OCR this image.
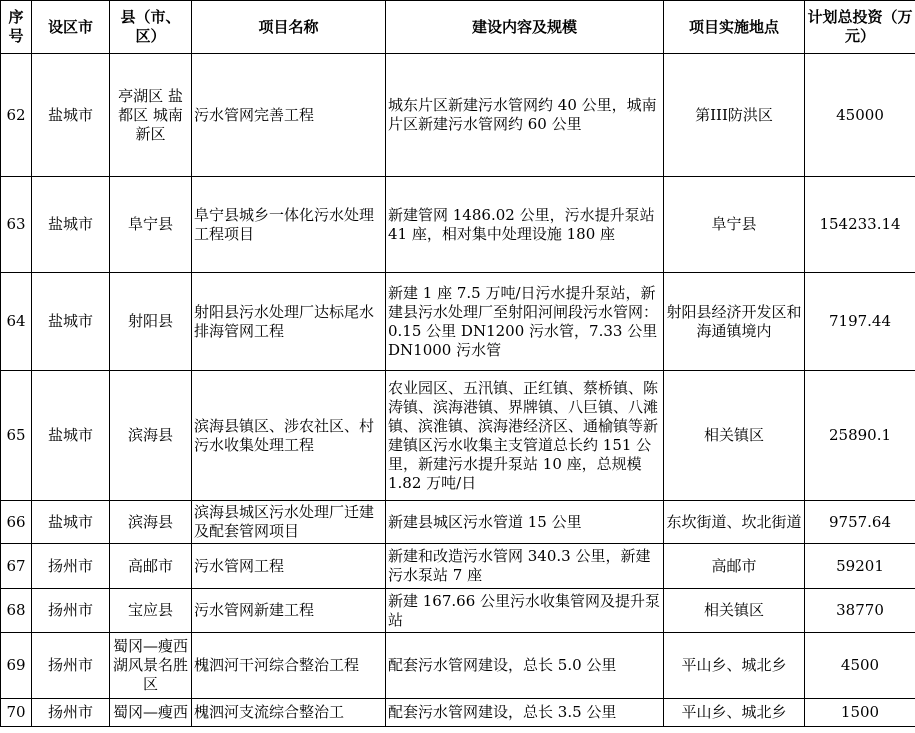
序号	设区市	县（市、区）	项目名称	建设内容及规模	项目实施地点	计划总投资（万元）
62	盐城市	亭湖区 盐都区 城南新区	污水管网完善工程	城东片区新建污水管网约 40 公里，城南片区新建污水管网约 60 公里	第III防洪区	45000
63	盐城市	阜宁县	阜宁县城乡一体化污水处理工程项目	新建管网 1486.02 公里，污水提升泵站 41 座，相对集中处理设施 180 座	阜宁县	154233.14
64	盐城市	射阳县	射阳县污水处理厂达标尾水排海管网工程	新建 1 座 7.5 万吨/日污水提升泵站，新建县污水处理厂至射阳河闸段污水管网：0.15 公里 DN1200 污水管，7.33 公里 DN1000 污水管	射阳县经济开发区和海通镇境内	7197.44
65	盐城市	滨海县	滨海县镇区、涉农社区、村污水收集处理工程	农业园区、五汛镇、正红镇、蔡桥镇、陈涛镇、滨海港镇、界牌镇、八巨镇、八滩镇、滨淮镇、滨海港经济区、通榆镇等新建镇区污水收集主支管道总长约 151 公里，新建污水提升泵站 10 座，总规模 1.82 万吨/日	相关镇区	25890.1
66	盐城市	滨海县	滨海县城区污水处理厂迁建及配套管网项目	新建县城区污水管道 15 公里	东坎街道、坎北街道	9757.64
67	扬州市	高邮市	污水管网工程	新建和改造污水管网 340.3 公里，新建污水泵站 7 座	高邮市	59201
68	扬州市	宝应县	污水管网新建工程	新建 167.66 公里污水收集管网及提升泵站	相关镇区	38770
69	扬州市	蜀冈—瘦西湖风景名胜区	槐泗河干河综合整治工程	配套污水管网建设，总长 5.0 公里	平山乡、城北乡	4500
70	扬州市	蜀冈—瘦西	槐泗河支流综合整治工	配套污水管网建设，总长 3.5 公里	平山乡、城北乡	1500
